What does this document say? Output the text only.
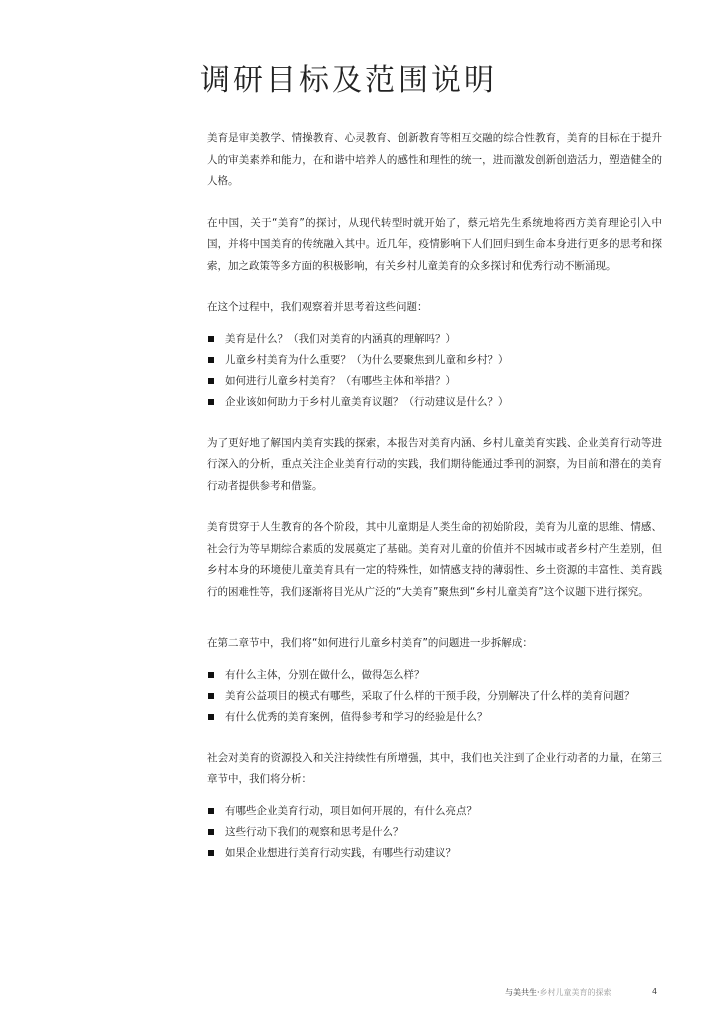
调研目标及范围说明

美育是审美教学、情操教育、心灵教育、创新教育等相互交融的综合性教育，美育的目标在于提升人的审美素养和能力，在和谐中培养人的感性和理性的统一，进而激发创新创造活力，塑造健全的人格。

在中国，关于“美育”的探讨，从现代转型时就开始了，蔡元培先生系统地将西方美育理论引入中国，并将中国美育的传统融入其中。近几年，疫情影响下人们回归到生命本身进行更多的思考和探索，加之政策等多方面的积极影响，有关乡村儿童美育的众多探讨和优秀行动不断涌现。

在这个过程中，我们观察着并思考着这些问题：

美育是什么？（我们对美育的内涵真的理解吗？）
儿童乡村美育为什么重要？（为什么要聚焦到儿童和乡村？）
如何进行儿童乡村美育？（有哪些主体和举措？）
企业该如何助力于乡村儿童美育议题？（行动建议是什么？）

为了更好地了解国内美育实践的探索，本报告对美育内涵、乡村儿童美育实践、企业美育行动等进行深入的分析，重点关注企业美育行动的实践，我们期待能通过季刊的洞察，为目前和潜在的美育行动者提供参考和借鉴。

美育贯穿于人生教育的各个阶段，其中儿童期是人类生命的初始阶段，美育为儿童的思维、情感、社会行为等早期综合素质的发展奠定了基础。美育对儿童的价值并不因城市或者乡村产生差别，但乡村本身的环境使儿童美育具有一定的特殊性，如情感支持的薄弱性、乡土资源的丰富性、美育践行的困难性等，我们逐渐将目光从广泛的“大美育”聚焦到“乡村儿童美育”这个议题下进行探究。

在第二章节中，我们将“如何进行儿童乡村美育”的问题进一步拆解成：

有什么主体，分别在做什么，做得怎么样？
美育公益项目的模式有哪些，采取了什么样的干预手段，分别解决了什么样的美育问题？
有什么优秀的美育案例，值得参考和学习的经验是什么？

社会对美育的资源投入和关注持续性有所增强，其中，我们也关注到了企业行动者的力量，在第三章节中，我们将分析：

有哪些企业美育行动，项目如何开展的，有什么亮点？
这些行动下我们的观察和思考是什么？
如果企业想进行美育行动实践，有哪些行动建议？
与美共生·乡村儿童美育的探索	4
